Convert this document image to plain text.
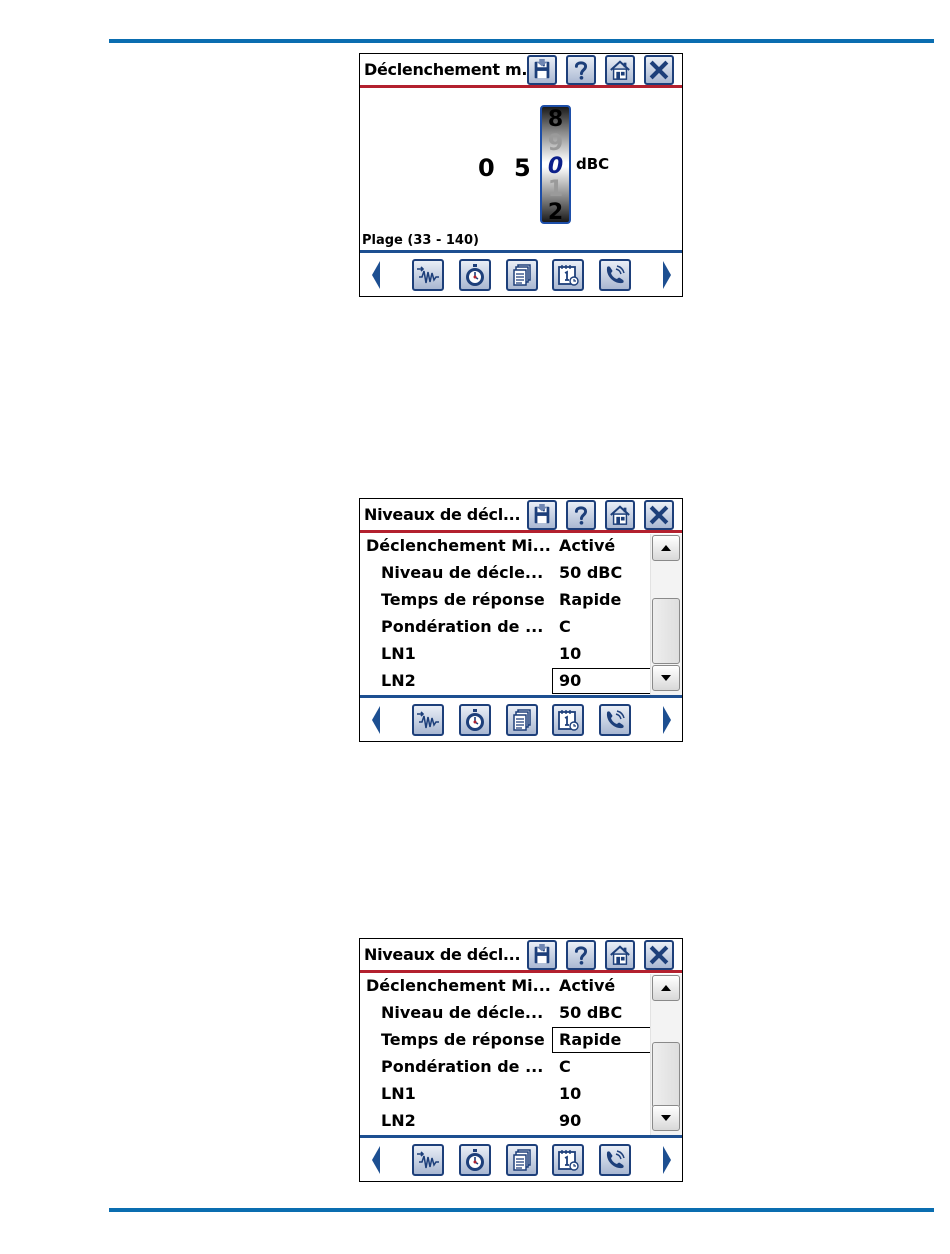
Déclenchement m.
0 5
8
9
0
1
2
dBC
Plage (33 - 140)
Niveaux de décl...
Déclenchement Mi... Activé
Niveau de décle... 50 dBC
Temps de réponse Rapide
Pondération de ... C
LN1	10
LN2	90
Niveaux de décl...
Déclenchement Mi... Activé
Niveau de décle... 50 dBC
Temps de réponse Rapide
Pondération de ... C
LN1	10
LN2	90
